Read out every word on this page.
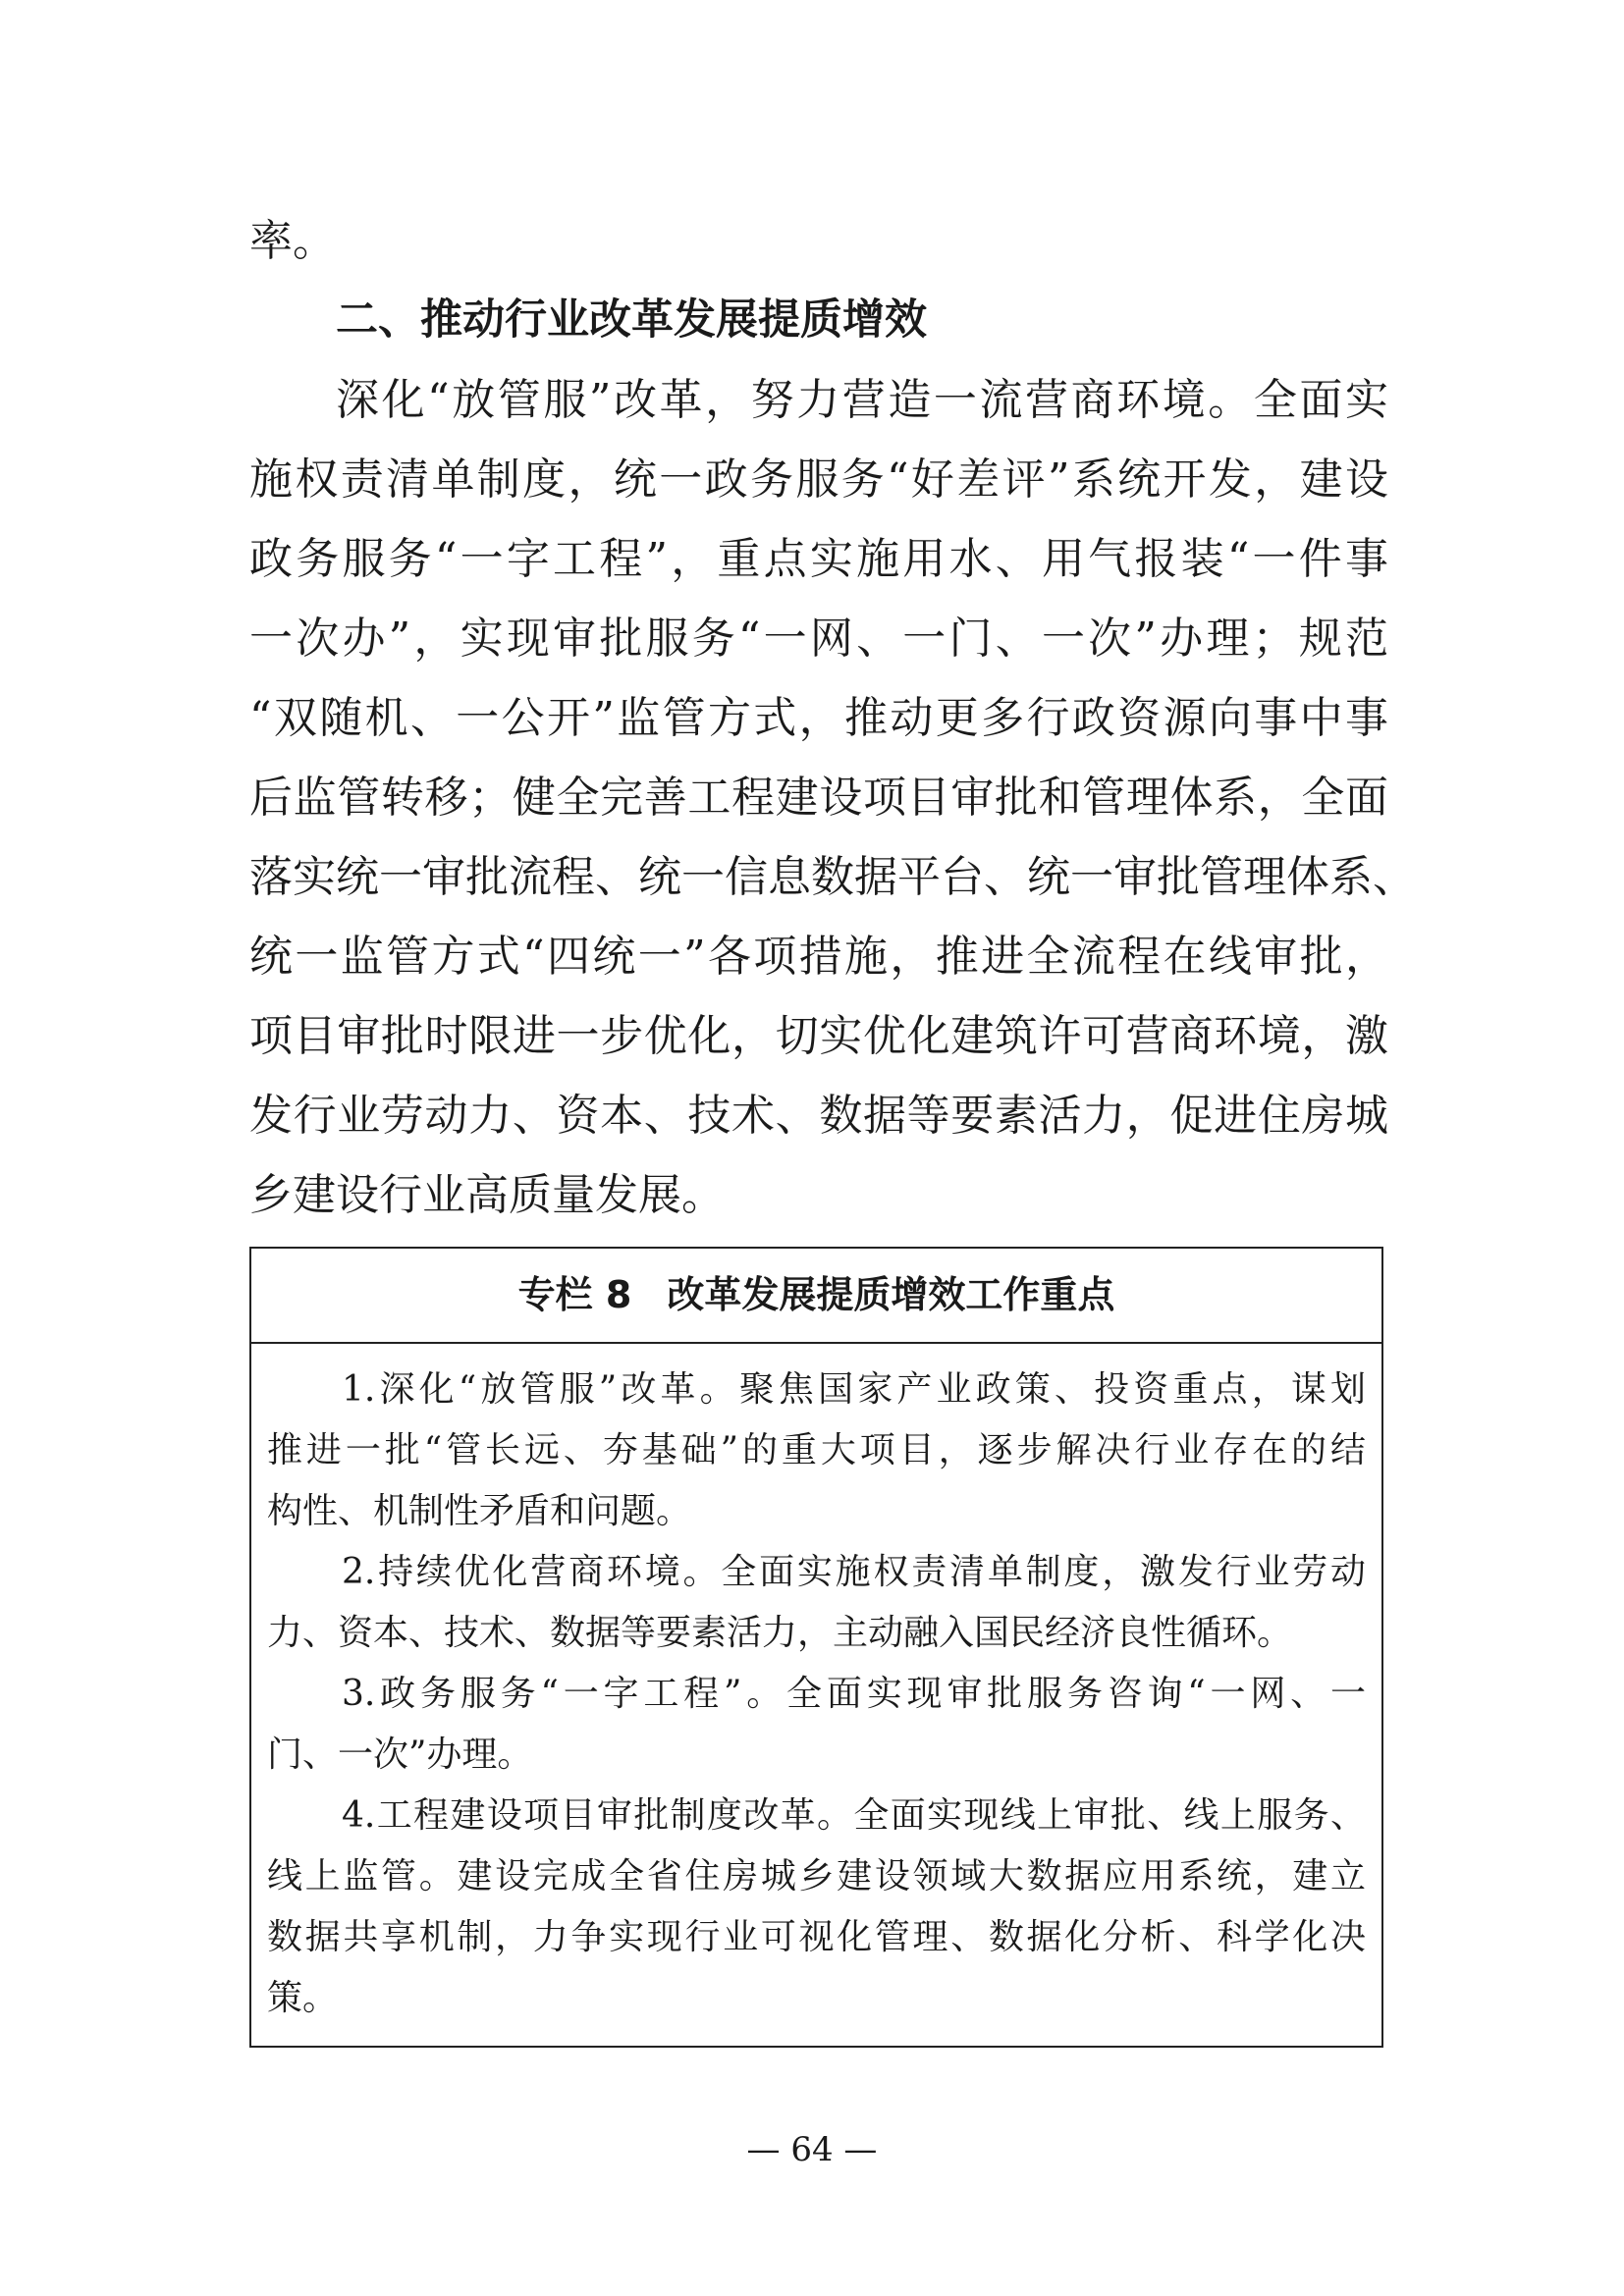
率。
二、推动行业改革发展提质增效
深化“放管服”改革，努力营造一流营商环境。全面实
施权责清单制度，统一政务服务“好差评”系统开发，建设
政务服务“一字工程”，重点实施用水、用气报装“一件事
一次办”，实现审批服务“一网、一门、一次”办理；规范
“双随机、一公开”监管方式，推动更多行政资源向事中事
后监管转移；健全完善工程建设项目审批和管理体系，全面
落实统一审批流程、统一信息数据平台、统一审批管理体系、
统一监管方式“四统一”各项措施，推进全流程在线审批，
项目审批时限进一步优化，切实优化建筑许可营商环境，激
发行业劳动力、资本、技术、数据等要素活力，促进住房城
乡建设行业高质量发展。
专栏 8 改革发展提质增效工作重点
1.深化“放管服”改革。聚焦国家产业政策、投资重点，谋划
推进一批“管长远、夯基础”的重大项目，逐步解决行业存在的结
构性、机制性矛盾和问题。
2.持续优化营商环境。全面实施权责清单制度，激发行业劳动
力、资本、技术、数据等要素活力，主动融入国民经济良性循环。
3.政务服务“一字工程”。全面实现审批服务咨询“一网、一
门、一次”办理。
4.工程建设项目审批制度改革。全面实现线上审批、线上服务、
线上监管。建设完成全省住房城乡建设领域大数据应用系统，建立
数据共享机制，力争实现行业可视化管理、数据化分析、科学化决
策。
— 64 —
